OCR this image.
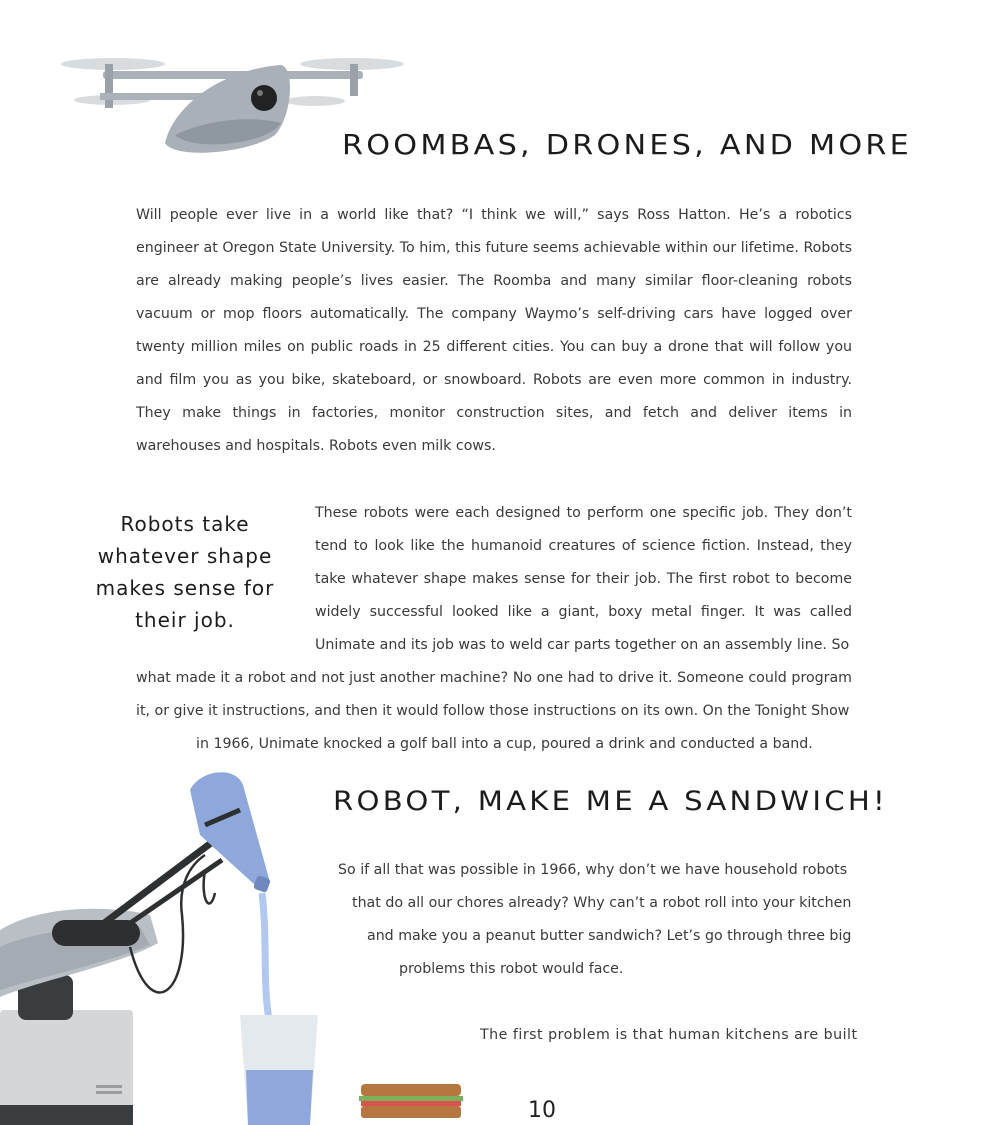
ROOMBAS, DRONES, AND MORE

Will people ever live in a world like that? “I think we will,” says Ross Hatton. He’s a robotics engineer at Oregon State University. To him, this future seems achievable within our lifetime. Robots are already making people’s lives easier. The Roomba and many similar floor-cleaning robots vacuum or mop floors automatically. The company Waymo’s self-driving cars have logged over twenty million miles on public roads in 25 different cities. You can buy a drone that will follow you and film you as you bike, skateboard, or snowboard. Robots are even more common in industry. They make things in factories, monitor construction sites, and fetch and deliver items in warehouses and hospitals. Robots even milk cows.

Robots take whatever shape makes sense for their job.

These robots were each designed to perform one specific job. They don’t tend to look like the humanoid creatures of science fiction. Instead, they take whatever shape makes sense for their job. The first robot to become widely successful looked like a giant, boxy metal finger. It was called Unimate and its job was to weld car parts together on an assembly line. So

what made it a robot and not just another machine? No one had to drive it. Someone could program it, or give it instructions, and then it would follow those instructions on its own. On the Tonight Show

in 1966, Unimate knocked a golf ball into a cup, poured a drink and conducted a band.

ROBOT, MAKE ME A SANDWICH!
So if all that was possible in 1966, why don’t we have household robots
that do all our chores already? Why can’t a robot roll into your kitchen
and make you a peanut butter sandwich? Let’s go through three big
problems this robot would face.
The first problem is that human kitchens are built
10
